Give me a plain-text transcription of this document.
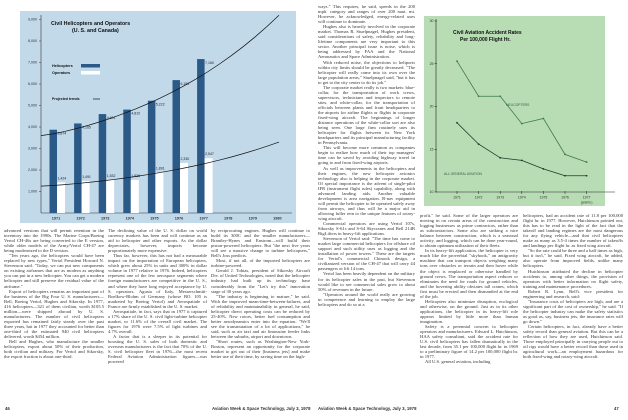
1,000
2,000
3,000
4,000
5,000
6,000
7,000
8,000
9,000
1971	1972	1973	1974	1975	1976	1977	1978	1979	1980
3,874
1,424
4,165
1,491
4,601
1,532
4,810
1,536
5,222
1,891
6,181
2,330
7,160
2,547
Civil Helicopters and Operators
(U. S. and Canada)
Helicopters
Operators
Projected trends
10
15
20
25
30
1971	1972	1973	1974	1975	1976	1977
(prelim.)
Civil Aviation Accident Rates
Per 100,000 Flight Hr.
HELICOPTERS
ALL GENERAL AVIATION

advanced versions that will permit retention in the inventory into the 1990s. The Marine Corps/Boeing Vertol CH-46s are being converted to the E version, while older models of the Army/Vertol CH-47 are being modernized to the D version.

"Ten years ago, the helicopters would have been replaced by new types," Vertol President Howard N. Stevenson said. "Today, we can put new components on existing airframes that are as modern as anything you can put in a new helicopter. You can get a modern helicopter and still preserve the residual value of the airframe."

Export of helicopters remains an important part of the business of the Big Four U. S. manufacturers—Bell, Boeing Vertol, Hughes and Sikorsky. In 1977, 416 helicopters—321 of them civilian, worth $105.5 million—were shipped abroad by U. S. manufacturers. The number of civil helicopters exported has remained fairly steady over the past three years, but in 1977 they accounted for better than one-third of the estimated 940 civil helicopters delivered, worth $454 million.

Bell and Hughes, who manufacture the smaller helicopters, export about 50% of their production, both civilian and military. For Vertol and Sikorsky, the export fraction is about one-third.

The declining value of the U. S. dollar on world currency markets has been and will continue as an aid to helicopter and other exports. As the dollar depreciates, however, imports become proportionately more expensive.

Thus far, however, this has not had a measurable impact on the importation of European helicopters, which grew about 25% in units and 300% in dollar volume in 1977 relative to 1976. Indeed, helicopters represent one of the few aerospace segments where foreign manufacturers are competitive in the U. S., and where they have long enjoyed acceptance by U. S. operators. Agusta of Italy, Messerschmitt-Boelkow-Blohm of Germany (whose BO. 105 is marketed by Boeing Vertol) and Aerospatiale of France are firmly established in the U. S. market.

Aerospatiale, in fact, says that in 1977 it captured a 17% share of the U. S. civil light-turbine helicopter market, or 11.6% of the overall civil market. The figures for 1976 were 7.5% of light turbines and 4.7% overall.

A factor that is a sleeper in its potential for boosting the U. S. sales of both domestic and overseas manufacturers is the fact that 70% of the U. S. civil helicopter fleet in 1976—the most recent Federal Aviation Administration figures—was powered

by reciprocating engines. Hughes will continue to build its 300C and the smaller manufacturers—Brantley-Hynes and Enstrom—will build their piston-powered helicopters. But "the next five years will see a massive change to turbine helicopters," Bell's Joss predicts.

Most, if not all, of the imported helicopters are turbine-powered.

Gerald J. Tobias, president of Sikorsky Aircraft Div. of United Technologies, noted that the helicopter industry had built up its technology base considerably from the "Let's try this" innovation stage of 30 years ago.

"The industry is beginning to mature," he said. With the improved mean-time-between-failures, and of reliability and maintainability in general, he said, helicopter direct operating costs can be reduced by 25-40%. New rotors, better fuel consumption and better aerodynamics enter into the equation. "We'll see the transmutation of a lot of applications," he said, such as air taxi and air limousine feeder links between the suburbs, airport and downtown.

"Short routes, such as Washington-New York-Boston, represent an opportunity for the corporate market to get out of their [business jets] and make better use of their time, by saving time on the high-

46	Aviation Week & Space Technology, July 3, 1978

ways." This requires, he said, speeds in the 200 mph. category and ranges of over 200 naut. mi. However, he acknowledged, energy-related uses will continue to dominate.

Hughes also is heavily involved in the corporate market. Thomas R. Stuelpnagel, Hughes president, said considerations of safety, reliability and long-lifetime components are very important to this sector. Another principal issue is noise, which is being addressed by FAA and the National Aeronautics and Space Administration.

With reduced noise, the objections to heliports within city limits should be greatly decreased. "The helicopter will really come into its own over the large population areas," Stuelpnagel said, "but it has to get to the city center to do its job."

The corporate market really is two markets: blue-collar, for the transportation of work crews, supervisors, technicians and inspectors to remote sites, and white-collar, for the transportation of officials between plants and front headquarters to the airports for airline flights or flights in corporate fixed-wing aircraft. The beginnings of longer distance operations of the white-collar sort are also being seen. One large firm routinely uses its helicopter for flights between its New York headquarters and its principal manufacturing facility in Pennsylvania.

This will become more common as companies begin to realize how much of their top managers' time can be saved by avoiding highway travel in going to and from fixed-wing airports.

As well as improvements in the helicopters and their engines, the new helicopter avionics technology also is helping in the corporate market. Of special importance is the advent of single-pilot IFR (instrument flight rules) capability, along with advanced landing aids. Another valuable development is area navigation. R-nav equipment will permit the helicopter to be operated safely away from airways, and thus will be a major aid in allowing fuller rein to the unique features of rotary-wing aircraft.

Commercial operators are using Vertol 107s, Sikorsky S-61s and S-64 Skycranes and Bell 214B BigLifters in heavy-lift applications.

Stevenson of Vertol said: "The time has come to market large commercial helicopters for offshore oil support and such utility uses as logging and the installation of power towers." These are the targets for Vertol's commercial Chinook design, a civilianized version of the CH-47 that will carry 44 passengers or lift 14 tons.

Vertol has been heavily dependent on the military for its helicopter sales in the past, but Stevenson would like to see commercial sales grow to about 50% of revenues in the future.

"Operators around the world really are growing in competence and learning to employ the large helicopters and do so at a

profit," he said. Some of the larger operators are moving in on certain areas of the construction and logging businesses as prime contractors, rather than as subcontractors. Some also are striking a nice balance between construction, which is a seasonal activity, and logging, which can be done year-round, to obtain optimum utilization of their fleets.

In its heavy-lift application, the helicopter is very much like the proverbial "skyhook," an antigravity machine that can transport objects weighing many tons over obstacles or terrain and then hover while the object is emplaced or otherwise handled by ground crews. The transportation aspect reduces or eliminates the need for roads for ground vehicles, and the hovering ability obviates tall cranes, which first must be erected and then dismantled at the end of the job.

Helicopters also minimize disruption, ecological and otherwise, on the ground. Just as in its other applications, the helicopter in its heavy-lift role appears limited by little more than human imagination.

Safety is a perennial concern to helicopter operators and manufacturers. Edward L. Hutchinson, HAA safety consultant, said the accident rate for U.S. civil helicopters has fallen dramatically in the last decade, from 35.1 per 100,000 flight hr. in 1969 to a preliminary figure of 14.2 per 100,000 flight hr. in 1977.

All U.S. general aviation, including

helicopters, had an accident rate of 11.8 per 100,000 flight hr. in 1977. However, Hutchinson pointed out, this has to be read in the light of the fact that the takeoff and landing regimes are the most dangerous for any flying vehicle—and that civil helicopters make as many as 3.5-4 times the number of takeoffs and landings per flight hr. as fixed wing aircraft.

"So the rate could be three and a half times as high, but it isn't," he said. Fixed wing aircraft, he added, also operate from improved fields, unlike many helicopters.

Hutchinson attributed the decline in helicopter accidents to, among other things, the provision of operators with better information on flight safety, training and maintenance procedures.

Robert R. Lynn, Bell's vice president for engineering and research, said:

"Insurance costs of helicopters are high, and are a significant part of the cost of ownership," he said. "If the helicopter industry can make the safety statistics as good as, say, business jets, the insurance rates will go down."

Certain helicopters, in fact, already have a better safety record than general aviation. But this can be a reflection of how they are used, Hutchinson said. Those employed principally in carrying people out to oil rigs would have a better record than those used in agricultural work—an employment hazardous for both fixed-wing and rotary-wing aircraft.

Aviation Week & Space Technology, July 3, 1978	47
